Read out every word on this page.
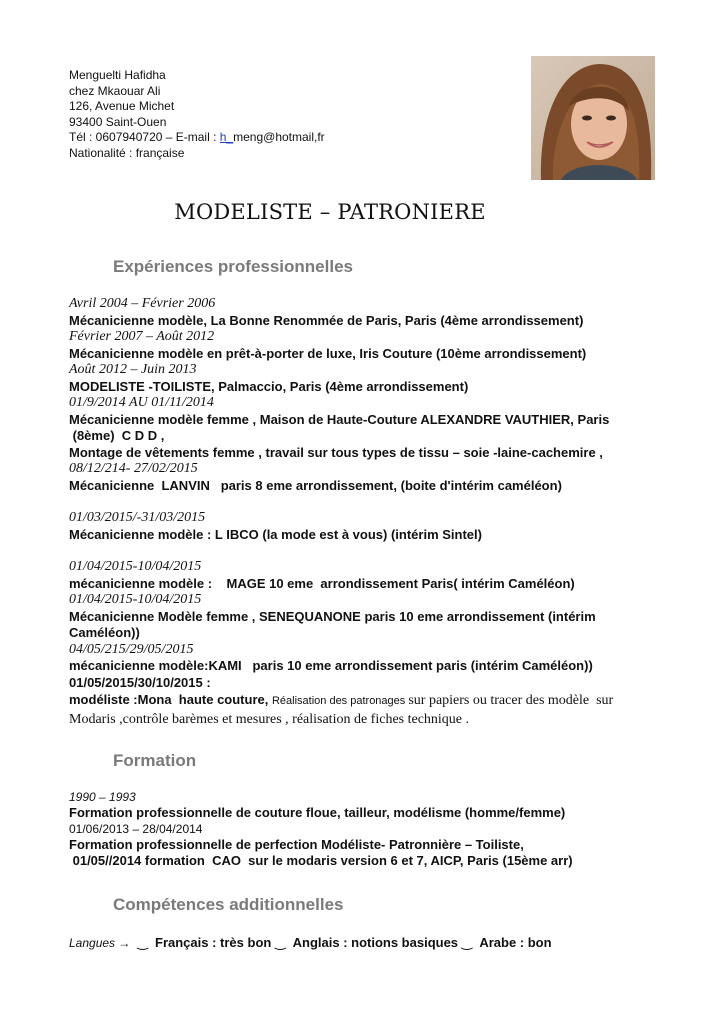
Menguelti Hafidha
chez Mkaouar Ali
126, Avenue Michet
93400 Saint-Ouen
Tél : 0607940720 – E-mail : h_meng@hotmail,fr
Nationalité : française
MODELISTE – PATRONIERE
Expériences professionnelles
Avril 2004 – Février 2006
Mécanicienne modèle, La Bonne Renommée de Paris, Paris (4ème arrondissement)
Février 2007 – Août 2012
Mécanicienne modèle en prêt-à-porter de luxe, Iris Couture (10ème arrondissement)
Août 2012 – Juin 2013
MODELISTE -TOILISTE, Palmaccio, Paris (4ème arrondissement)
01/9/2014 AU 01/11/2014
Mécanicienne modèle femme , Maison de Haute-Couture ALEXANDRE VAUTHIER, Paris
(8ème)  C D D ,
Montage de vêtements femme , travail sur tous types de tissu – soie -laine-cachemire ,
08/12/214- 27/02/2015
Mécanicienne  LANVIN   paris 8 eme arrondissement, (boite d'intérim caméléon)
01/03/2015/-31/03/2015
Mécanicienne modèle : L IBCO (la mode est à vous) (intérim Sintel)
01/04/2015-10/04/2015
mécanicienne modèle :    MAGE 10 eme  arrondissement Paris( intérim Caméléon)
01/04/2015-10/04/2015
Mécanicienne Modèle femme , SENEQUANONE paris 10 eme arrondissement (intérim
Caméléon))
04/05/215/29/05/2015
mécanicienne modèle:KAMI   paris 10 eme arrondissement paris (intérim Caméléon))
01/05/2015/30/10/2015 :
modéliste :Mona  haute couture, Réalisation des patronages sur papiers ou tracer des modèle  sur
Modaris ,contrôle barèmes et mesures , réalisation de fiches technique .
Formation
1990 – 1993
Formation professionnelle de couture floue, tailleur, modélisme (homme/femme)
01/06/2013 – 28/04/2014
Formation professionnelle de perfection Modéliste- Patronnière – Toiliste,
01/05//2014 formation  CAO  sur le modaris version 6 et 7, AICP, Paris (15ème arr)
Compétences additionnelles
Langues →  ‿  Français : très bon ‿  Anglais : notions basiques ‿  Arabe : bon
